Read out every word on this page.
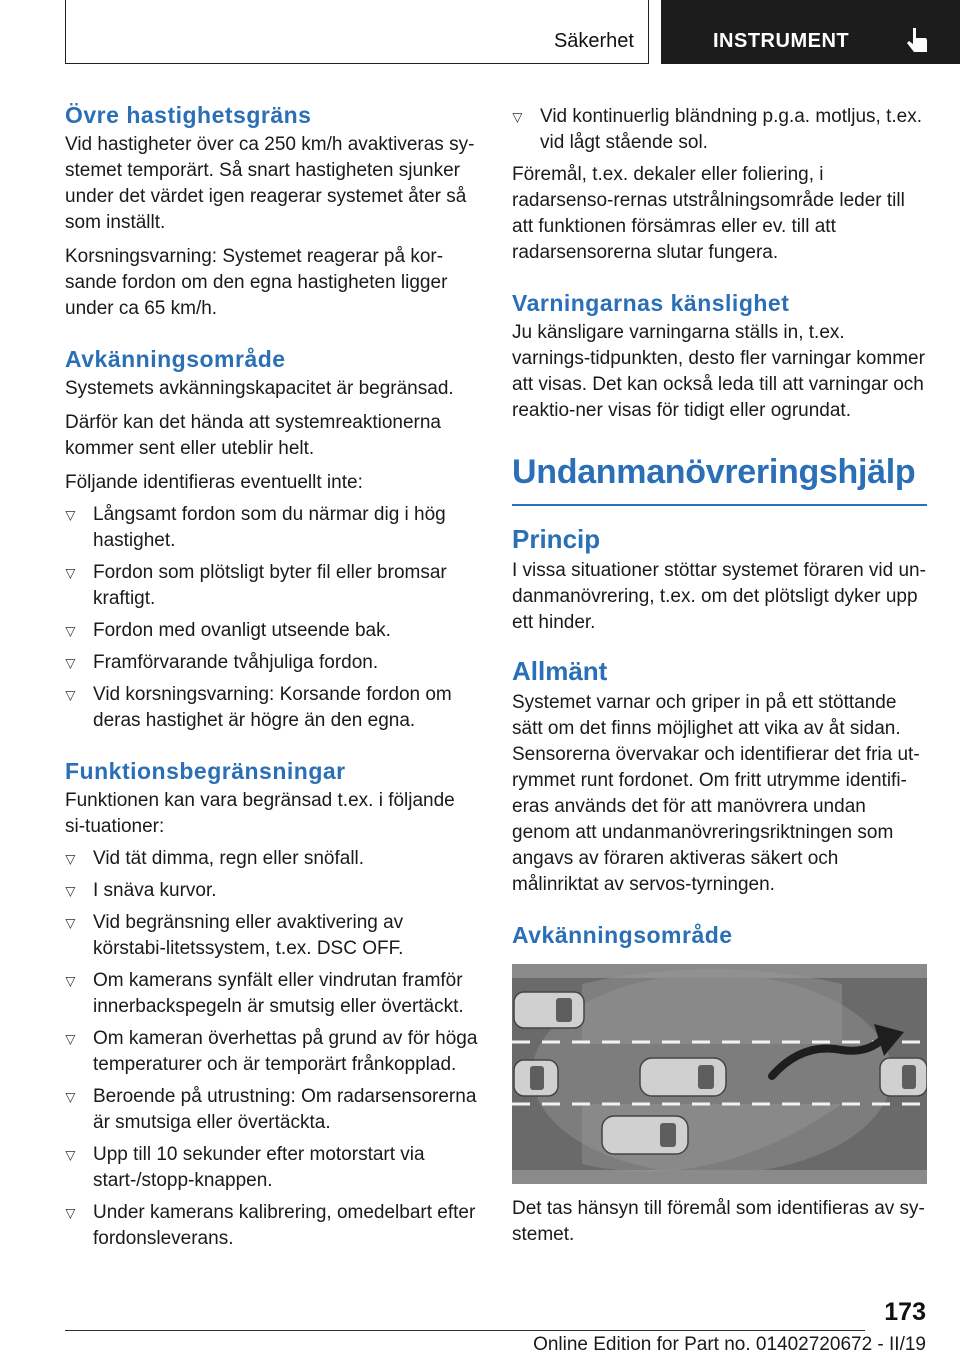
Säkerhet	INSTRUMENT
Övre hastighetsgräns

Vid hastigheter över ca 250 km/h avaktiveras sy-stemet temporärt. Så snart hastigheten sjunker under det värdet igen reagerar systemet åter så som inställt.

Korsningsvarning: Systemet reagerar på kor-sande fordon om den egna hastigheten ligger under ca 65 km/h.

Avkänningsområde

Systemets avkänningskapacitet är begränsad.

Därför kan det hända att systemreaktionerna kommer sent eller uteblir helt.

Följande identifieras eventuellt inte:

▷ Långsamt fordon som du närmar dig i hög hastighet.
▷ Fordon som plötsligt byter fil eller bromsar kraftigt.
▷ Fordon med ovanligt utseende bak.
▷ Framförvarande tvåhjuliga fordon.
▷ Vid korsningsvarning: Korsande fordon om deras hastighet är högre än den egna.
Funktionsbegränsningar

Funktionen kan vara begränsad t.ex. i följande si-tuationer:

▷ Vid tät dimma, regn eller snöfall.
▷ I snäva kurvor.
▷ Vid begränsning eller avaktivering av körstabi-litetssystem, t.ex. DSC OFF.
▷ Om kamerans synfält eller vindrutan framför innerbackspegeln är smutsig eller övertäckt.
▷ Om kameran överhettas på grund av för höga temperaturer och är temporärt frånkopplad.
▷ Beroende på utrustning: Om radarsensorerna är smutsiga eller övertäckta.
▷ Upp till 10 sekunder efter motorstart via start-/stopp-knappen.
▷ Under kamerans kalibrering, omedelbart efter fordonsleverans.
▷ Vid kontinuerlig bländning p.g.a. motljus, t.ex. vid lågt stående sol.

Föremål, t.ex. dekaler eller foliering, i radarsenso-rernas utstrålningsområde leder till att funktionen försämras eller ev. till att radarsensorerna slutar fungera.

Varningarnas känslighet

Ju känsligare varningarna ställs in, t.ex. varnings-tidpunkten, desto fler varningar kommer att visas. Det kan också leda till att varningar och reaktio-ner visas för tidigt eller ogrundat.

Undanmanövreringshjälp
Princip

I vissa situationer stöttar systemet föraren vid un-danmanövrering, t.ex. om det plötsligt dyker upp ett hinder.

Allmänt

Systemet varnar och griper in på ett stöttande sätt om det finns möjlighet att vika av åt sidan. Sensorerna övervakar och identifierar det fria ut-rymmet runt fordonet. Om fritt utrymme identifi-eras används det för att manövrera undan genom att undanmanövreringsriktningen som angavs av föraren aktiveras säkert och målinriktat av servos-tyrningen.

Avkänningsområde

Det tas hänsyn till föremål som identifieras av sy-stemet.

173
Online Edition for Part no. 01402720672 - II/19
